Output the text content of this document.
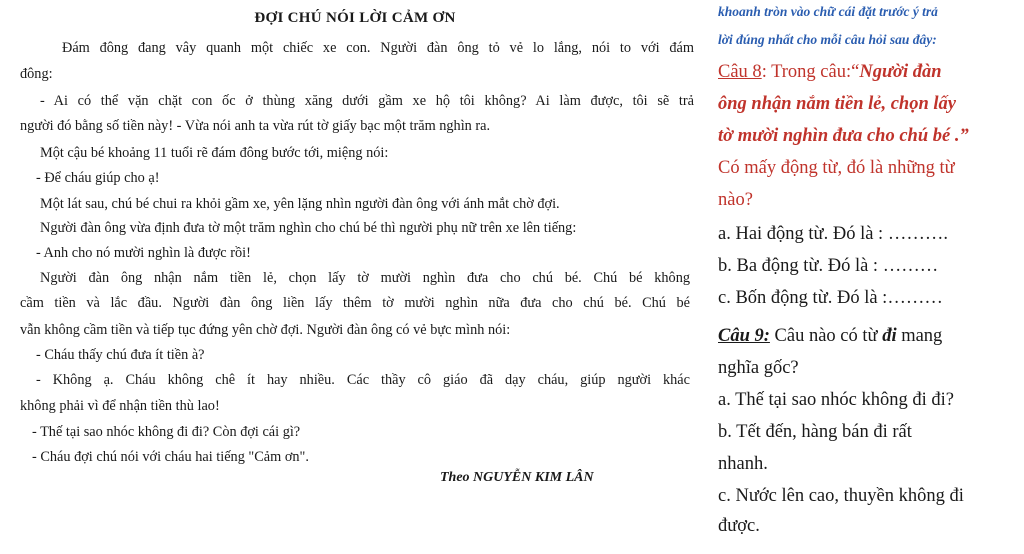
ĐỢI CHÚ NÓI LỜI CẢM ƠN
Đám đông đang vây quanh một chiếc xe con. Người đàn ông tỏ vẻ lo lắng, nói to với đám
đông:
- Ai có thể vặn chặt con ốc ở thùng xăng dưới gầm xe hộ tôi không? Ai làm được, tôi sẽ trả
người đó bằng số tiền này! - Vừa nói anh ta vừa rút tờ giấy bạc một trăm nghìn ra.
Một cậu bé khoảng 11 tuổi rẽ đám đông bước tới, miệng nói:
- Để cháu giúp cho ạ!
Một lát sau, chú bé chui ra khỏi gầm xe, yên lặng nhìn người đàn ông với ánh mắt chờ đợi.
Người đàn ông vừa định đưa tờ một trăm nghìn cho chú bé thì người phụ nữ trên xe lên tiếng:
- Anh cho nó mười nghìn là được rồi!
Người đàn ông nhận nắm tiền lẻ, chọn lấy tờ mười nghìn đưa cho chú bé. Chú bé không
cầm tiền và lắc đầu. Người đàn ông liền lấy thêm tờ mười nghìn nữa đưa cho chú bé. Chú bé
vẫn không cầm tiền và tiếp tục đứng yên chờ đợi. Người đàn ông có vẻ bực mình nói:
- Cháu thấy chú đưa ít tiền à?
- Không ạ. Cháu không chê ít hay nhiều. Các thầy cô giáo đã dạy cháu, giúp người khác
không phải vì để nhận tiền thù lao!
- Thế tại sao nhóc không đi đi? Còn đợi cái gì?
- Cháu đợi chú nói với cháu hai tiếng "Cảm ơn".
Theo NGUYỄN KIM LÂN
khoanh tròn vào chữ cái đặt trước ý trả
lời đúng nhất cho mỗi câu hỏi sau đây:
Câu 8: Trong câu:“Người đàn
ông nhận nắm tiền lẻ, chọn lấy
tờ mười nghìn đưa cho chú bé .”
Có mấy động từ, đó là những từ
nào?
a. Hai động từ. Đó là : ……….
b. Ba động từ. Đó là : ………
c. Bốn động từ. Đó là :………
Câu 9: Câu nào có từ đi mang
nghĩa gốc?
a. Thế tại sao nhóc không đi đi?
b. Tết đến, hàng bán đi rất
nhanh.
c. Nước lên cao, thuyền không đi
được.
